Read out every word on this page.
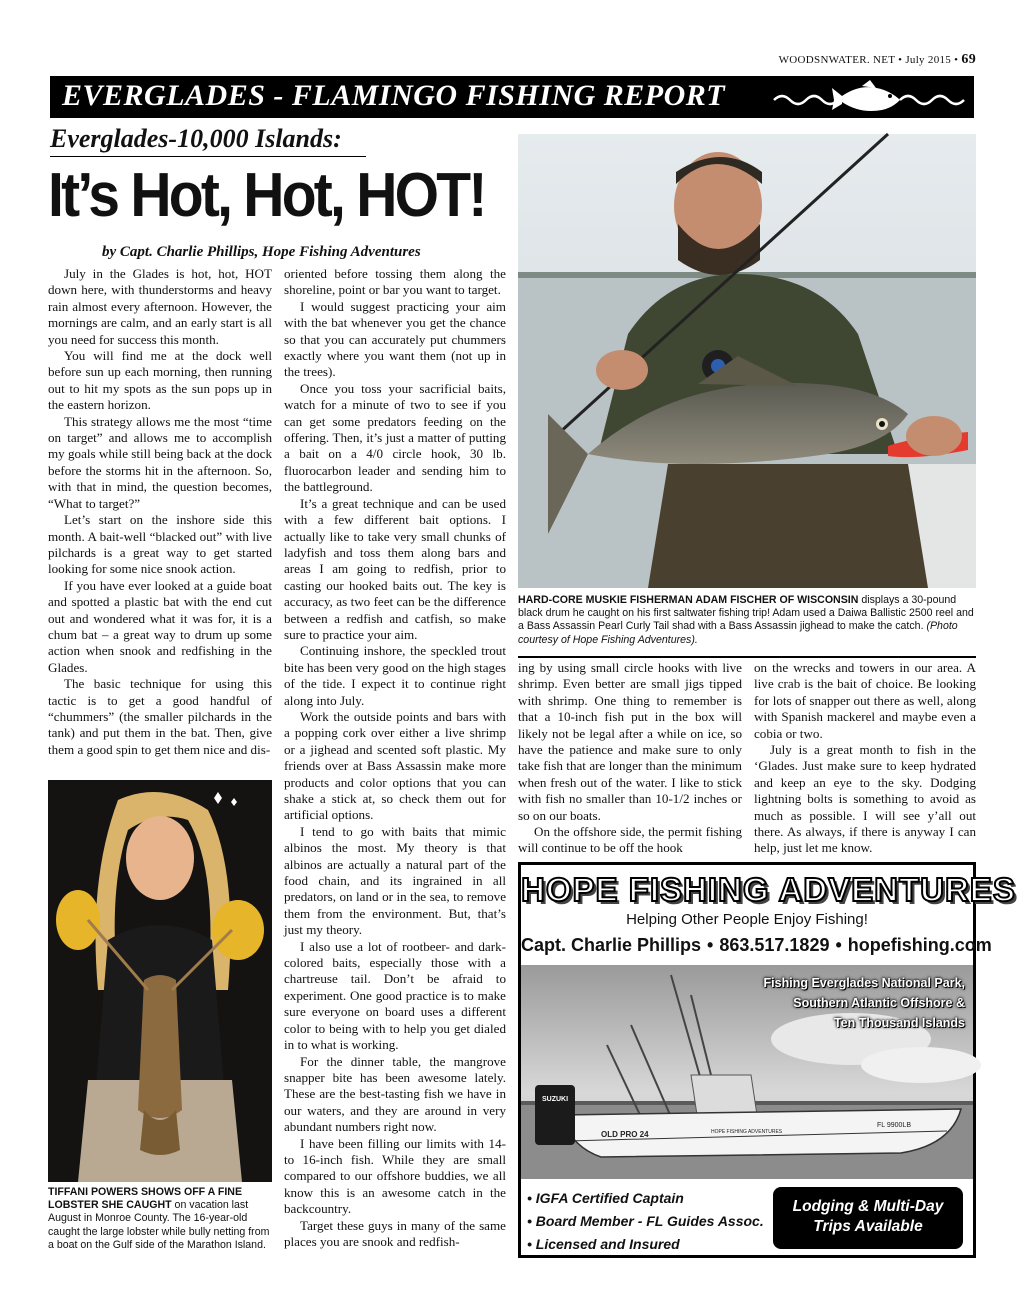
WOODSNWATER. NET • July 2015 • 69
EVERGLADES - FLAMINGO FISHING REPORT
Everglades-10,000 Islands:
It’s Hot, Hot, HOT!
by Capt. Charlie Phillips, Hope Fishing Adventures

July in the Glades is hot, hot, HOT down here, with thunderstorms and heavy rain almost every afternoon. However, the mornings are calm, and an early start is all you need for success this month.

You will find me at the dock well before sun up each morning, then running out to hit my spots as the sun pops up in the eastern horizon.

This strategy allows me the most “time on target” and allows me to accomplish my goals while still being back at the dock before the storms hit in the afternoon. So, with that in mind, the question becomes, “What to target?”

Let’s start on the inshore side this month. A bait-well “blacked out” with live pilchards is a great way to get started looking for some nice snook action.

If you have ever looked at a guide boat and spotted a plastic bat with the end cut out and wondered what it was for, it is a chum bat – a great way to drum up some action when snook and redfishing in the Glades.

The basic technique for using this tactic is to get a good handful of “chummers” (the smaller pilchards in the tank) and put them in the bat. Then, give them a good spin to get them nice and dis-

oriented before tossing them along the shoreline, point or bar you want to target.

I would suggest practicing your aim with the bat whenever you get the chance so that you can accurately put chummers exactly where you want them (not up in the trees).

Once you toss your sacrificial baits, watch for a minute of two to see if you can get some predators feeding on the offering. Then, it’s just a matter of putting a bait on a 4/0 circle hook, 30 lb. fluorocarbon leader and sending him to the battleground.

It’s a great technique and can be used with a few different bait options. I actually like to take very small chunks of ladyfish and toss them along bars and areas I am going to redfish, prior to casting our hooked baits out. The key is accuracy, as two feet can be the difference between a redfish and catfish, so make sure to practice your aim.

Continuing inshore, the speckled trout bite has been very good on the high stages of the tide. I expect it to continue right along into July.

Work the outside points and bars with a popping cork over either a live shrimp or a jighead and scented soft plastic. My friends over at Bass Assassin make more products and color options that you can shake a stick at, so check them out for artificial options.

I tend to go with baits that mimic albinos the most. My theory is that albinos are actually a natural part of the food chain, and its ingrained in all predators, on land or in the sea, to remove them from the environment. But, that’s just my theory.

I also use a lot of rootbeer- and dark-colored baits, especially those with a chartreuse tail. Don’t be afraid to experiment. One good practice is to make sure everyone on board uses a different color to being with to help you get dialed in to what is working.

For the dinner table, the mangrove snapper bite has been awesome lately. These are the best-tasting fish we have in our waters, and they are around in very abundant numbers right now.

I have been filling our limits with 14- to 16-inch fish. While they are small compared to our offshore buddies, we all know this is an awesome catch in the backcountry.

Target these guys in many of the same places you are snook and redfish-

ing by using small circle hooks with live shrimp. Even better are small jigs tipped with shrimp. One thing to remember is that a 10-inch fish put in the box will likely not be legal after a while on ice, so have the patience and make sure to only take fish that are longer than the minimum when fresh out of the water. I like to stick with fish no smaller than 10-1/2 inches or so on our boats.

On the offshore side, the permit fishing will continue to be off the hook

on the wrecks and towers in our area. A live crab is the bait of choice. Be looking for lots of snapper out there as well, along with Spanish mackerel and maybe even a cobia or two.

July is a great month to fish in the ‘Glades. Just make sure to keep hydrated and keep an eye to the sky. Dodging lightning bolts is something to avoid as much as possible. I will see y’all out there. As always, if there is anyway I can help, just let me know.

HARD-CORE MUSKIE FISHERMAN ADAM FISCHER OF WISCONSIN displays a 30-pound black drum he caught on his first saltwater fishing trip! Adam used a Daiwa Ballistic 2500 reel and a Bass Assassin Pearl Curly Tail shad with a Bass Assassin jighead to make the catch. (Photo courtesy of Hope Fishing Adventures).
TIFFANI POWERS SHOWS OFF A FINE LOBSTER SHE CAUGHT on vacation last August in Monroe County. The 16-year-old caught the large lobster while bully netting from a boat on the Gulf side of the Marathon Island.
HOPE FISHING ADVENTURES
Helping Other People Enjoy Fishing!
Capt. Charlie Phillips • 863.517.1829 • hopefishing.com
SUZUKI
OLD PRO 24	HOPE FISHING ADVENTURES
FL 9900LB
Fishing Everglades National Park,
Southern Atlantic Offshore &
Ten Thousand Islands
• IGFA Certified Captain
• Board Member - FL Guides Assoc.
• Licensed and Insured
Lodging & Multi-Day
Trips Available
